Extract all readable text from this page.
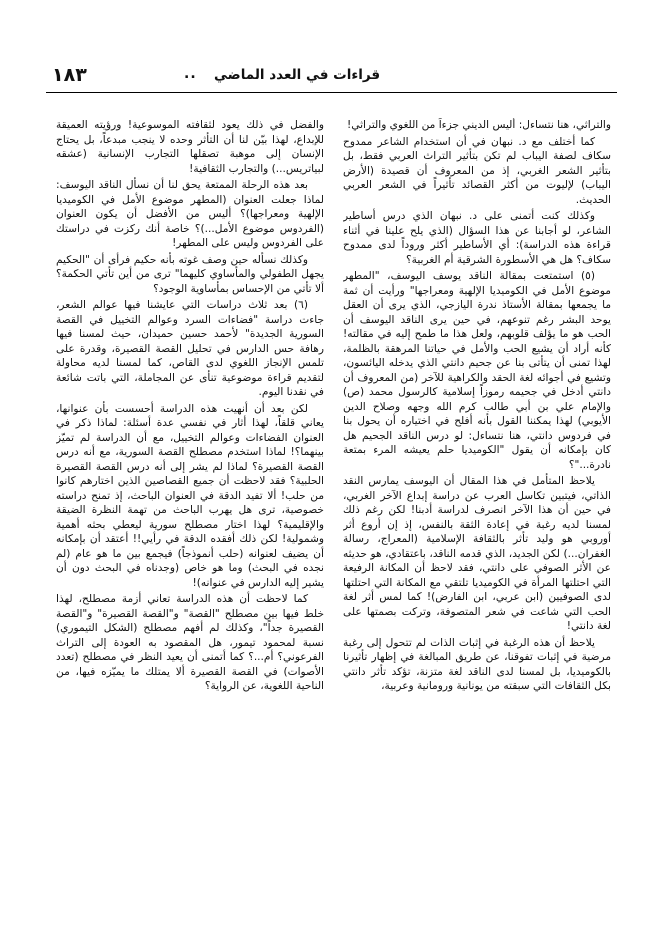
١٨٣	.. قراءات في العدد الماضي

والتراثي، هنا نتساءل: أليس الديني جزءاً من اللغوي والتراثي!

كما أختلف مع د. نبهان في أن استخدام الشاعر ممدوح سكاف لصفة اليباب لم تكن بتأثير التراث العربي فقط، بل بتأثير الشعر الغربي، إذ من المعروف أن قصيدة (الأرض اليباب) لإليوت من أكثر القصائد تأثيراً في الشعر العربي الحديث.

وكذلك كنت أتمنى على د. نبهان الذي درس أساطير الشاعر، لو أجابنا عن هذا السؤال (الذي يلح علينا في أثناء قراءة هذه الدراسة): أي الأساطير أكثر وروداً لدى ممدوح سكاف؟ هل هي الأسطورة الشرقية أم الغربية؟

(٥) استمتعت بمقالة الناقد يوسف اليوسف، "المطهر موضوع الأمل في الكوميديا الإلهية ومعراجها" ورأيت أن ثمة ما يجمعها بمقالة الأستاذ ندرة اليازجي، الذي يرى أن العقل يوحد البشر رغم تنوعهم، في حين يرى الناقد اليوسف أن الحب هو ما يؤلف قلوبهم، ولعل هذا ما طمح إليه في مقالته! كأنه أراد أن يشيع الحب والأمل في حياتنا المرهقة بالظلمة، لهذا تمنى أن يتأتى بنا عن جحيم دانتي الذي يدخله اليائسون، وتشيع في أجوائه لغة الحقد والكراهية للآخر (من المعروف أن دانتي أدخل في جحيمه رموزاً إسلامية كالرسول محمد (ص) والإمام علي بن أبي طالب كرم الله وجهه وصلاح الدين الأيوبي) لهذا يمكننا القول بأنه أفلح في اختياره أن يحول بنا في فردوس دانتي، هنا نتساءل: لو درس الناقد الجحيم هل كان بإمكانه أن يقول "الكوميديا حلم يعيشه المرء بمتعة نادرة..."؟

يلاحظ المتأمل في هذا المقال أن اليوسف يمارس النقد الذاتي، فيتبين تكاسل العرب عن دراسة إبداع الآخر الغربي، في حين أن هذا الآخر انصرف لدراسة أدبنا! لكن رغم ذلك لمسنا لديه رغبة في إعادة الثقة بالنفس، إذ إن أروع أثر أوروبي هو وليد تأثر بالثقافة الإسلامية (المعراج، رسالة الغفران...) لكن الجديد، الذي قدمه الناقد، باعتقادي، هو حديثه عن الأثر الصوفي على دانتي، فقد لاحظ أن المكانة الرفيعة التي احتلتها المرأة في الكوميديا تلتقي مع المكانة التي احتلتها لدى الصوفيين (ابن عربي، ابن الفارض)! كما لمس أثر لغة الحب التي شاعت في شعر المتصوفة، وتركت بصمتها على لغة دانتي!

يلاحظ أن هذه الرغبة في إثبات الذات لم تتحول إلى رغبة مرضية في إثبات تفوقنا، عن طريق المبالغة في إظهار تأثيرنا بالكوميديا، بل لمسنا لدى الناقد لغة متزنة، تؤكد تأثر دانتي بكل الثقافات التي سبقته من يونانية ورومانية وعربية،

والفضل في ذلك يعود لثقافته الموسوعية! ورؤيته العميقة للإبداع، لهذا بيّن لنا أن التأثر وحده لا ينجب مبدعاً، بل يحتاج الإنسان إلى موهبة تصقلها التجارب الإنسانية (عشقه لبياتريس...) والتجارب الثقافية!

بعد هذه الرحلة الممتعة يحق لنا أن نسأل الناقد اليوسف: لماذا جعلت العنوان (المطهر موضوع الأمل في الكوميديا الإلهية ومعراجها)؟ أليس من الأفضل أن يكون العنوان (الفردوس موضوع الأمل...)؟ خاصة أنك ركزت في دراستك على الفردوس وليس على المطهر!

وكذلك نسأله حين وصف غوته بأنه حكيم فرأى أن "الحكيم يجهل الطفولي والمأساوي كليهما" ترى من أين تأتي الحكمة؟ ألا تأتي من الإحساس بمأساوية الوجود؟

(٦) بعد ثلاث دراسات التي عايشنا فيها عوالم الشعر، جاءت دراسة "فضاءات السرد وعوالم التخييل في القصة السورية الجديدة" لأحمد حسين حميدان، حيث لمسنا فيها رهافة حس الدارس في تحليل القصة القصيرة، وقدرة على تلمس الإنجاز اللغوي لدى القاص، كما لمسنا لديه محاولة لتقديم قراءة موضوعية تنأى عن المجاملة، التي باتت شائعة في نقدنا اليوم.

لكن بعد أن أنهيت هذه الدراسة أحسست بأن عنوانها، يعاني قلقاً، لهذا أثار في نفسي عدة أسئلة: لماذا ذكر في العنوان الفضاءات وعوالم التخييل، مع أن الدراسة لم تميّز بينهما؟! لماذا استخدم مصطلح القصة السورية، مع أنه درس القصة القصيرة؟ لماذا لم يشر إلى أنه درس القصة القصيرة الحلبية؟ فقد لاحظت أن جميع القصاصين الذين اختارهم كانوا من حلب! ألا تفيد الدقة في العنوان الباحث، إذ تمنح دراسته خصوصية، ترى هل يهرب الباحث من تهمة النظرة الضيقة والإقليمية؟ لهذا اختار مصطلح سورية ليعطي بحثه أهمية وشمولية! لكن ذلك أفقده الدقة في رأيي!! أعتقد أن بإمكانه أن يضيف لعنوانه (حلب أنموذجاً) فيجمع بين ما هو عام (لم نجده في البحث) وما هو خاص (وجدناه في البحث دون أن يشير إليه الدارس في عنوانه)!

كما لاحظت أن هذه الدراسة تعاني أزمة مصطلح، لهذا خلط فيها بين مصطلح "القصة" و"القصة القصيرة" و"القصة القصيرة جداً"، وكذلك لم أفهم مصطلح (الشكل التيموري) نسبة لمحمود تيمور، هل المقصود به العودة إلى التراث الفرعوني؟ أم...؟ كما أتمنى أن يعيد النظر في مصطلح (تعدد الأصوات) في القصة القصيرة ألا يمتلك ما يميّزه فيها، من الناحية اللغوية، عن الرواية؟
